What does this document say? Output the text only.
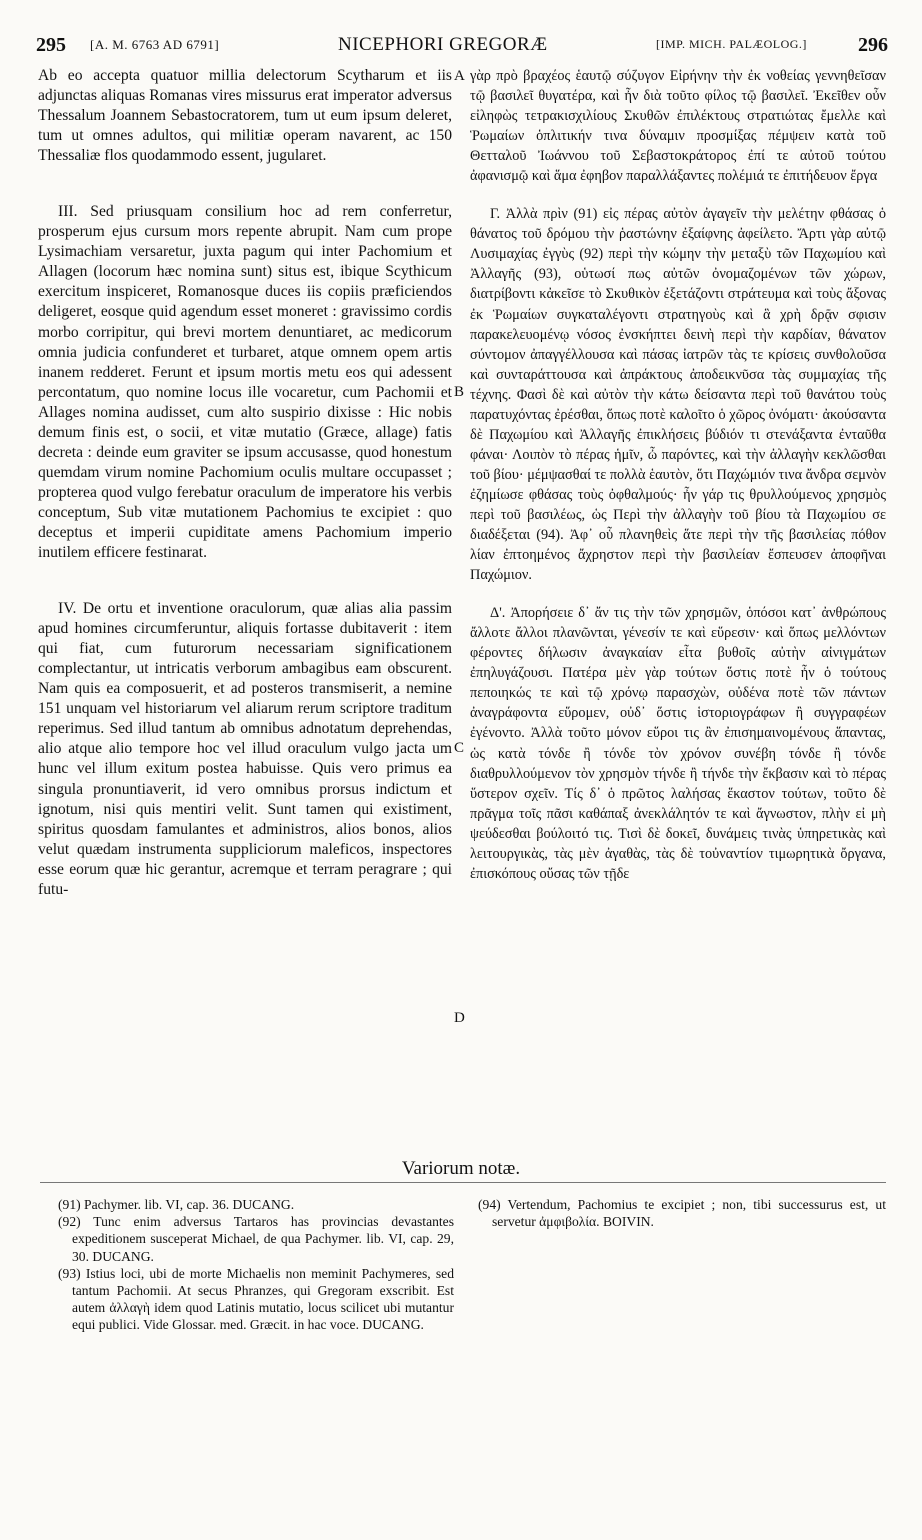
295 [A. M. 6763 AD 6791]	NICEPHORI GREGORÆ	[IMP. MICH. PALÆOLOG.]	296

Ab eo accepta quatuor millia delectorum Scytharum et iis adjunctas aliquas Romanas vires missurus erat imperator adversus Thessalum Joannem Sebastocratorem, tum ut eum ipsum deleret, tum ut omnes adultos, qui militiæ operam navarent, ac 150 Thessaliæ flos quodammodo essent, jugularet.

III. Sed priusquam consilium hoc ad rem conferretur, prosperum ejus cursum mors repente abrupit. Nam cum prope Lysimachiam versaretur, juxta pagum qui inter Pachomium et Allagen (locorum hæc nomina sunt) situs est, ibique Scythicum exercitum inspiceret, Romanosque duces iis copiis præficiendos deligeret, eosque quid agendum esset moneret : gravissimo cordis morbo corripitur, qui brevi mortem denuntiaret, ac medicorum omnia judicia confunderet et turbaret, atque omnem opem artis inanem redderet. Ferunt et ipsum mortis metu eos qui adessent percontatum, quo nomine locus ille vocaretur, cum Pachomii et Allages nomina audisset, cum alto suspirio dixisse : Hic nobis demum finis est, o socii, et vitæ mutatio (Græce, allage) fatis decreta : deinde eum graviter se ipsum accusasse, quod honestum quemdam virum nomine Pachomium oculis multare occupasset ; propterea quod vulgo ferebatur oraculum de imperatore his verbis conceptum, Sub vitæ mutationem Pachomius te excipiet : quo deceptus et imperii cupiditate amens Pachomium imperio inutilem efficere festinarat.

IV. De ortu et inventione oraculorum, quæ alias alia passim apud homines circumferuntur, aliquis fortasse dubitaverit : item qui fiat, cum futurorum necessariam significationem complectantur, ut intricatis verborum ambagibus eam obscurent. Nam quis ea composuerit, et ad posteros transmiserit, a nemine 151 unquam vel historiarum vel aliarum rerum scriptore traditum reperimus. Sed illud tantum ab omnibus adnotatum deprehendas, alio atque alio tempore hoc vel illud oraculum vulgo jacta um hunc vel illum exitum postea habuisse. Quis vero primus ea singula pronuntiaverit, id vero omnibus prorsus indictum et ignotum, nisi quis mentiri velit. Sunt tamen qui existiment, spiritus quosdam famulantes et administros, alios bonos, alios velut quædam instrumenta suppliciorum maleficos, inspectores esse eorum quæ hic gerantur, acremque et terram peragrare ; qui futu-

A
B
C
D

γὰρ πρὸ βραχέος ἑαυτῷ σύζυγον Εἰρήνην τὴν ἐκ νοθείας γεννηθεῖσαν τῷ βασιλεῖ θυγατέρα, καὶ ἦν διὰ τοῦτο φίλος τῷ βασιλεῖ. Ἐκεῖθεν οὖν εἰληφὼς τετρακισχιλίους Σκυθῶν ἐπιλέκτους στρατιώτας ἔμελλε καὶ Ῥωμαίων ὁπλιτικήν τινα δύναμιν προσμίξας πέμψειν κατὰ τοῦ Θετταλοῦ Ἰωάννου τοῦ Σεβαστοκράτορος ἐπί τε αὐτοῦ τούτου ἀφανισμῷ καὶ ἅμα ἐφηβον παραλλάξαντες πολέμιά τε ἐπιτήδευον ἔργα

Γ. Ἀλλὰ πρὶν (91) εἰς πέρας αὐτὸν ἀγαγεῖν τὴν μελέτην φθάσας ὁ θάνατος τοῦ δρόμου τὴν ῥαστώνην ἐξαίφνης ἀφείλετο. Ἄρτι γὰρ αὐτῷ Λυσιμαχίας ἐγγὺς (92) περὶ τὴν κώμην τὴν μεταξὺ τῶν Παχωμίου καὶ Ἀλλαγῆς (93), οὑτωσί πως αὐτῶν ὀνομαζομένων τῶν χώρων, διατρίβοντι κἀκεῖσε τὸ Σκυθικὸν ἐξετάζοντι στράτευμα καὶ τοὺς ἄξονας ἐκ Ῥωμαίων συγκαταλέγοντι στρατηγοὺς καὶ ἃ χρὴ δρᾷν σφισιν παρακελευομένῳ νόσος ἐνσκήπτει δεινὴ περὶ τὴν καρδίαν, θάνατον σύντομον ἀπαγγέλλουσα καὶ πάσας ἰατρῶν τὰς τε κρίσεις συνθολοῦσα καὶ συνταράττουσα καὶ ἀπράκτους ἀποδεικνῦσα τὰς συμμαχίας τῆς τέχνης. Φασὶ δὲ καὶ αὐτὸν τὴν κάτω δείσαντα περὶ τοῦ θανάτου τοὺς παρατυχόντας ἐρέσθαι, ὅπως ποτὲ καλοῖτο ὁ χῶρος ὀνόματι· ἀκούσαντα δὲ Παχωμίου καὶ Ἀλλαγῆς ἐπικλήσεις βύδιόν τι στενάξαντα ἐνταῦθα φάναι· Λοιπὸν τὸ πέρας ἡμῖν, ὦ παρόντες, καὶ τὴν ἀλλαγὴν κεκλῶσθαι τοῦ βίου· μέμψασθαί τε πολλὰ ἑαυτὸν, ὅτι Παχώμιόν τινα ἄνδρα σεμνὸν ἐζημίωσε φθάσας τοὺς ὀφθαλμούς· ἦν γάρ τις θρυλλούμενος χρησμὸς περὶ τοῦ βασιλέως, ὡς Περὶ τὴν ἀλλαγὴν τοῦ βίου τὰ Παχωμίου σε διαδέξεται (94). Ἀφ᾽ οὗ πλανηθεὶς ἅτε περὶ τὴν τῆς βασιλείας πόθον λίαν ἐπτοημένος ἄχρηστον περὶ τὴν βασιλείαν ἔσπευσεν ἀποφῆναι Παχώμιον.

Δ'. Ἀπορήσειε δ᾽ ἄν τις τὴν τῶν χρησμῶν, ὁπόσοι κατ᾽ ἀνθρώπους ἄλλοτε ἄλλοι πλανῶνται, γένεσίν τε καὶ εὕρεσιν· καὶ ὅπως μελλόντων φέροντες δήλωσιν ἀναγκαίαν εἶτα βυθοῖς αὐτὴν αἰνιγμάτων ἐπηλυγάζουσι. Πατέρα μὲν γὰρ τούτων ὅστις ποτὲ ἦν ὁ τούτους πεποιηκώς τε καὶ τῷ χρόνῳ παρασχὼν, οὐδένα ποτὲ τῶν πάντων ἀναγράφοντα εὕρομεν, οὐδ᾽ ὅστις ἱστοριογράφων ἢ συγγραφέων ἐγένοντο. Ἀλλὰ τοῦτο μόνον εὕροι τις ἂν ἐπισημαινομένους ἅπαντας, ὡς κατὰ τόνδε ἢ τόνδε τὸν χρόνον συνέβη τόνδε ἢ τόνδε διαθρυλλούμενον τὸν χρησμὸν τήνδε ἢ τήνδε τὴν ἔκβασιν καὶ τὸ πέρας ὕστερον σχεῖν. Τίς δ᾽ ὁ πρῶτος λαλήσας ἕκαστον τούτων, τοῦτο δὲ πρᾶγμα τοῖς πᾶσι καθάπαξ ἀνεκλάλητόν τε καὶ ἄγνωστον, πλὴν εἰ μὴ ψεύδεσθαι βούλοιτό τις. Τισὶ δὲ δοκεῖ, δυνάμεις τινὰς ὑπηρετικὰς καὶ λειτουργικὰς, τὰς μὲν ἀγαθὰς, τὰς δὲ τοὐναντίον τιμωρητικὰ ὄργανα, ἐπισκόπους οὔσας τῶν τῇδε

Variorum notæ.

(91) Pachymer. lib. VI, cap. 36. DUCANG.

(92) Tunc enim adversus Tartaros has provincias devastantes expeditionem susceperat Michael, de qua Pachymer. lib. VI, cap. 29, 30. DUCANG.

(93) Istius loci, ubi de morte Michaelis non meminit Pachymeres, sed tantum Pachomii. At secus Phranzes, qui Gregoram exscribit. Est autem ἀλλαγὴ idem quod Latinis mutatio, locus scilicet ubi mutantur equi publici. Vide Glossar. med. Græcit. in hac voce. DUCANG.

(94) Vertendum, Pachomius te excipiet ; non, tibi successurus est, ut servetur ἀμφιβολία. BOIVIN.
